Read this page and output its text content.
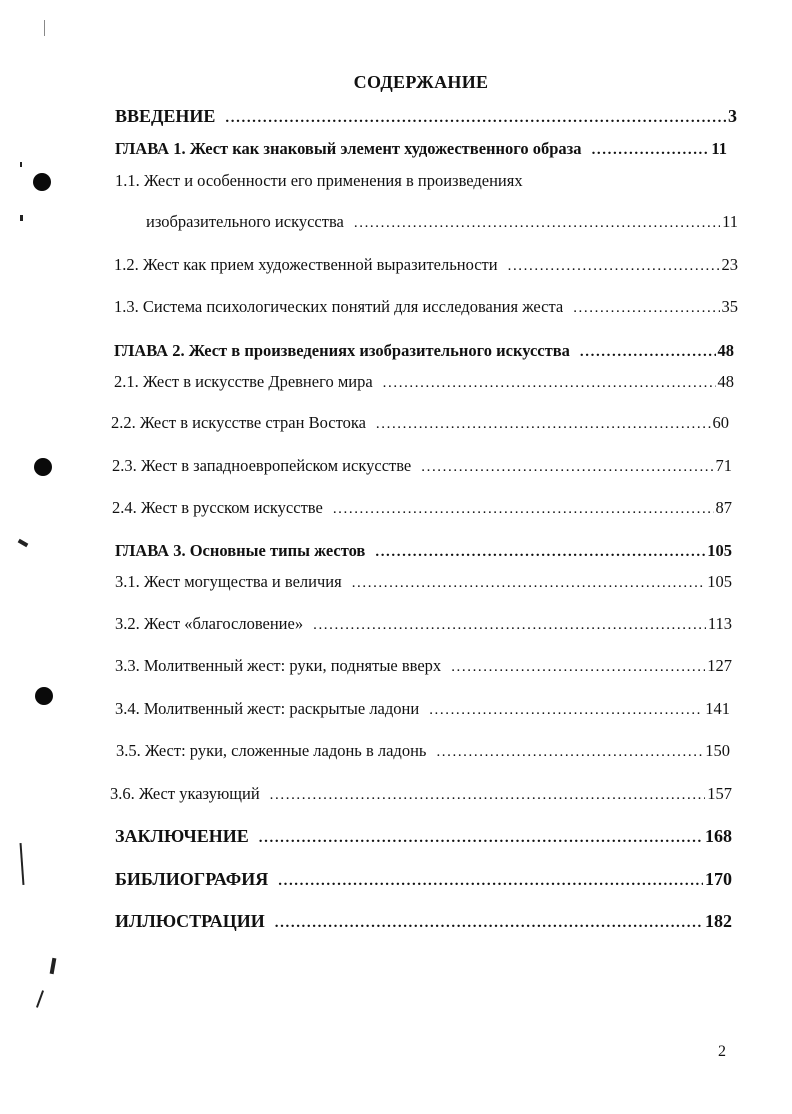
СОДЕРЖАНИЕ
ВВЕДЕНИЕ .....	3
ГЛАВА 1. Жест как знаковый элемент художественного образа .....	11
1.1. Жест и особенности его применения в произведениях
изобразительного искусства .....	11
1.2. Жест как прием художественной выразительности .....	23
1.3. Система психологических понятий для исследования жеста .....	35
ГЛАВА 2. Жест в произведениях изобразительного искусства .....	48
2.1. Жест в искусстве Древнего мира .....	48
2.2. Жест в искусстве стран Востока .....	60
2.3. Жест в западноевропейском искусстве .....	71
2.4. Жест в русском искусстве .....	87
ГЛАВА 3. Основные типы жестов .....	105
3.1. Жест могущества и величия .....	105
3.2. Жест «благословение» .....	113
3.3. Молитвенный жест: руки, поднятые вверх .....	127
3.4. Молитвенный жест: раскрытые ладони .....	141
3.5. Жест: руки, сложенные ладонь в ладонь .....	150
3.6. Жест указующий .....	157
ЗАКЛЮЧЕНИЕ .....	168
БИБЛИОГРАФИЯ .....	170
ИЛЛЮСТРАЦИИ .....	182
2
